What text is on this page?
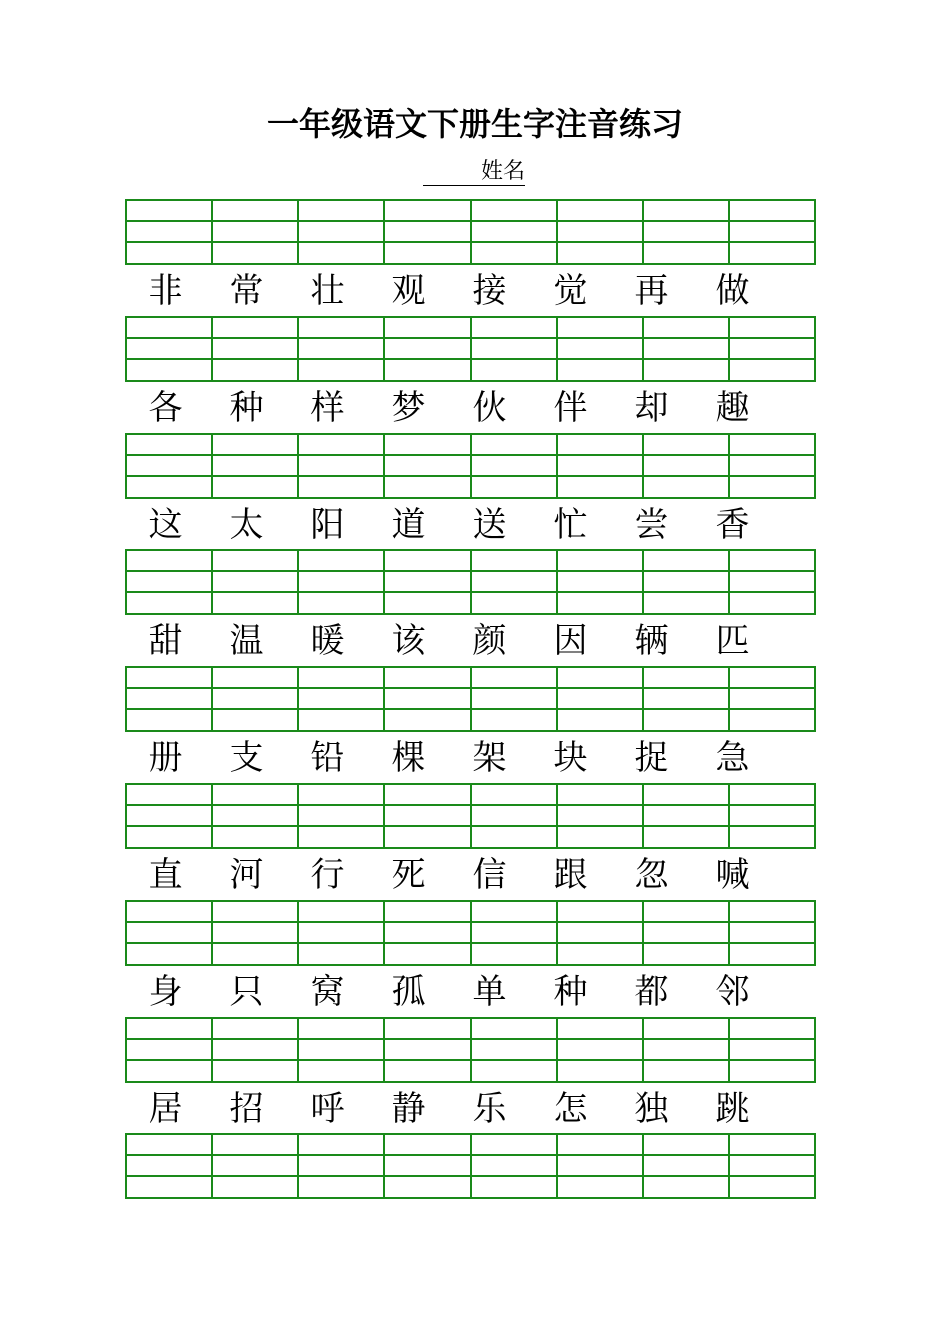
一年级语文下册生字注音练习
姓名
非	常	壮	观	接	觉	再	做
各	种	样	梦	伙	伴	却	趣
这	太	阳	道	送	忙	尝	香
甜	温	暖	该	颜	因	辆	匹
册	支	铅	棵	架	块	捉	急
直	河	行	死	信	跟	忽	喊
身	只	窝	孤	单	种	都	邻
居	招	呼	静	乐	怎	独	跳
